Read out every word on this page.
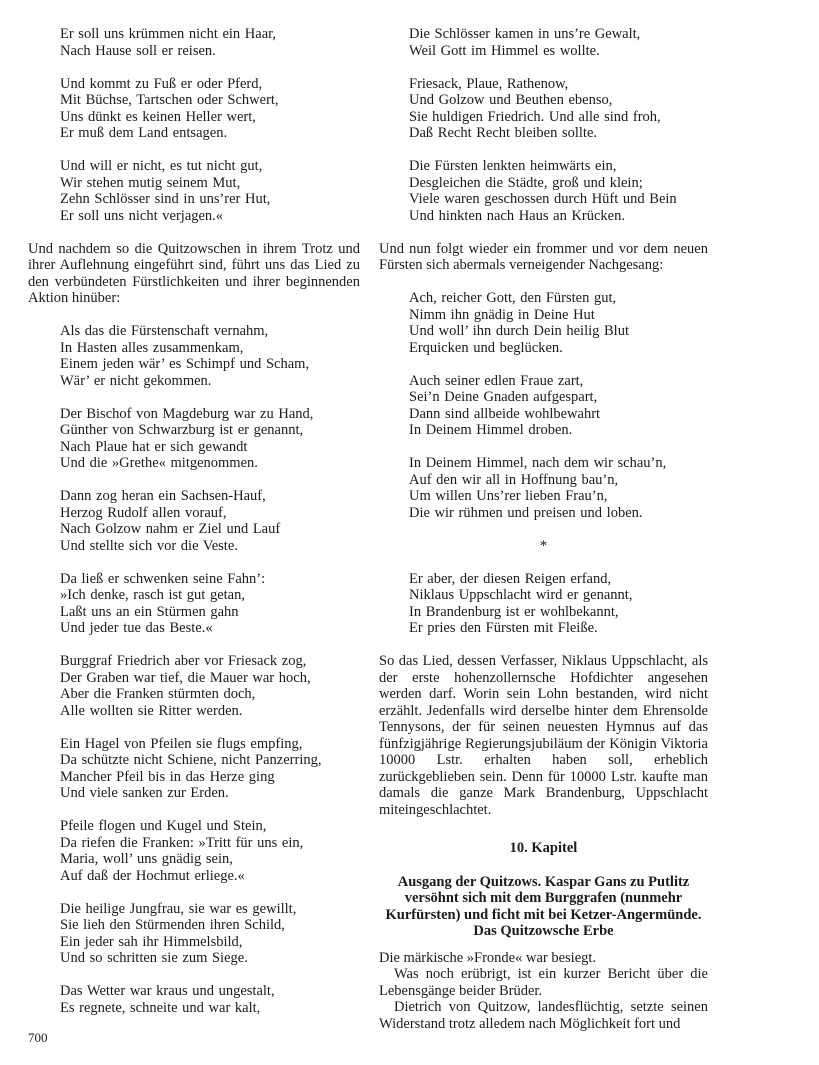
Er soll uns krümmen nicht ein Haar,
Nach Hause soll er reisen.
Und kommt zu Fuß er oder Pferd,
Mit Büchse, Tartschen oder Schwert,
Uns dünkt es keinen Heller wert,
Er muß dem Land entsagen.
Und will er nicht, es tut nicht gut,
Wir stehen mutig seinem Mut,
Zehn Schlösser sind in uns’rer Hut,
Er soll uns nicht verjagen.«
Und nachdem so die Quitzowschen in ihrem Trotz und ihrer Auflehnung eingeführt sind, führt uns das Lied zu den verbündeten Fürstlichkeiten und ihrer beginnenden Aktion hinüber:
Als das die Fürstenschaft vernahm,
In Hasten alles zusammenkam,
Einem jeden wär’ es Schimpf und Scham,
Wär’ er nicht gekommen.
Der Bischof von Magdeburg war zu Hand,
Günther von Schwarzburg ist er genannt,
Nach Plaue hat er sich gewandt
Und die »Grethe« mitgenommen.
Dann zog heran ein Sachsen-Hauf,
Herzog Rudolf allen vorauf,
Nach Golzow nahm er Ziel und Lauf
Und stellte sich vor die Veste.
Da ließ er schwenken seine Fahn’:
»Ich denke, rasch ist gut getan,
Laßt uns an ein Stürmen gahn
Und jeder tue das Beste.«
Burggraf Friedrich aber vor Friesack zog,
Der Graben war tief, die Mauer war hoch,
Aber die Franken stürmten doch,
Alle wollten sie Ritter werden.
Ein Hagel von Pfeilen sie flugs empfing,
Da schützte nicht Schiene, nicht Panzerring,
Mancher Pfeil bis in das Herze ging
Und viele sanken zur Erden.
Pfeile flogen und Kugel und Stein,
Da riefen die Franken: »Tritt für uns ein,
Maria, woll’ uns gnädig sein,
Auf daß der Hochmut erliege.«
Die heilige Jungfrau, sie war es gewillt,
Sie lieh den Stürmenden ihren Schild,
Ein jeder sah ihr Himmelsbild,
Und so schritten sie zum Siege.
Das Wetter war kraus und ungestalt,
Es regnete, schneite und war kalt,
Die Schlösser kamen in uns’re Gewalt,
Weil Gott im Himmel es wollte.
Friesack, Plaue, Rathenow,
Und Golzow und Beuthen ebenso,
Sie huldigen Friedrich. Und alle sind froh,
Daß Recht Recht bleiben sollte.
Die Fürsten lenkten heimwärts ein,
Desgleichen die Städte, groß und klein;
Viele waren geschossen durch Hüft und Bein
Und hinkten nach Haus an Krücken.
Und nun folgt wieder ein frommer und vor dem neuen Fürsten sich abermals verneigender Nachgesang:
Ach, reicher Gott, den Fürsten gut,
Nimm ihn gnädig in Deine Hut
Und woll’ ihn durch Dein heilig Blut
Erquicken und beglücken.
Auch seiner edlen Fraue zart,
Sei’n Deine Gnaden aufgespart,
Dann sind allbeide wohlbewahrt
In Deinem Himmel droben.
In Deinem Himmel, nach dem wir schau’n,
Auf den wir all in Hoffnung bau’n,
Um willen Uns’rer lieben Frau’n,
Die wir rühmen und preisen und loben.
*
Er aber, der diesen Reigen erfand,
Niklaus Uppschlacht wird er genannt,
In Brandenburg ist er wohlbekannt,
Er pries den Fürsten mit Fleiße.
So das Lied, dessen Verfasser, Niklaus Uppschlacht, als der erste hohenzollernsche Hofdichter angesehen werden darf. Worin sein Lohn bestanden, wird nicht erzählt. Jedenfalls wird derselbe hinter dem Ehrensolde Tennysons, der für seinen neuesten Hymnus auf das fünfzigjährige Regierungsjubiläum der Königin Viktoria 10000 Lstr. erhalten haben soll, erheblich zurückgeblieben sein. Denn für 10000 Lstr. kaufte man damals die ganze Mark Brandenburg, Uppschlacht miteingeschlachtet.
10. Kapitel
Ausgang der Quitzows. Kaspar Gans zu Putlitz versöhnt sich mit dem Burggrafen (nunmehr Kurfürsten) und ficht mit bei Ketzer-Angermünde. Das Quitzowsche Erbe
Die märkische »Fronde« war besiegt.
Was noch erübrigt, ist ein kurzer Bericht über die Lebensgänge beider Brüder.
Dietrich von Quitzow, landesflüchtig, setzte seinen Widerstand trotz alledem nach Möglichkeit fort und
700
